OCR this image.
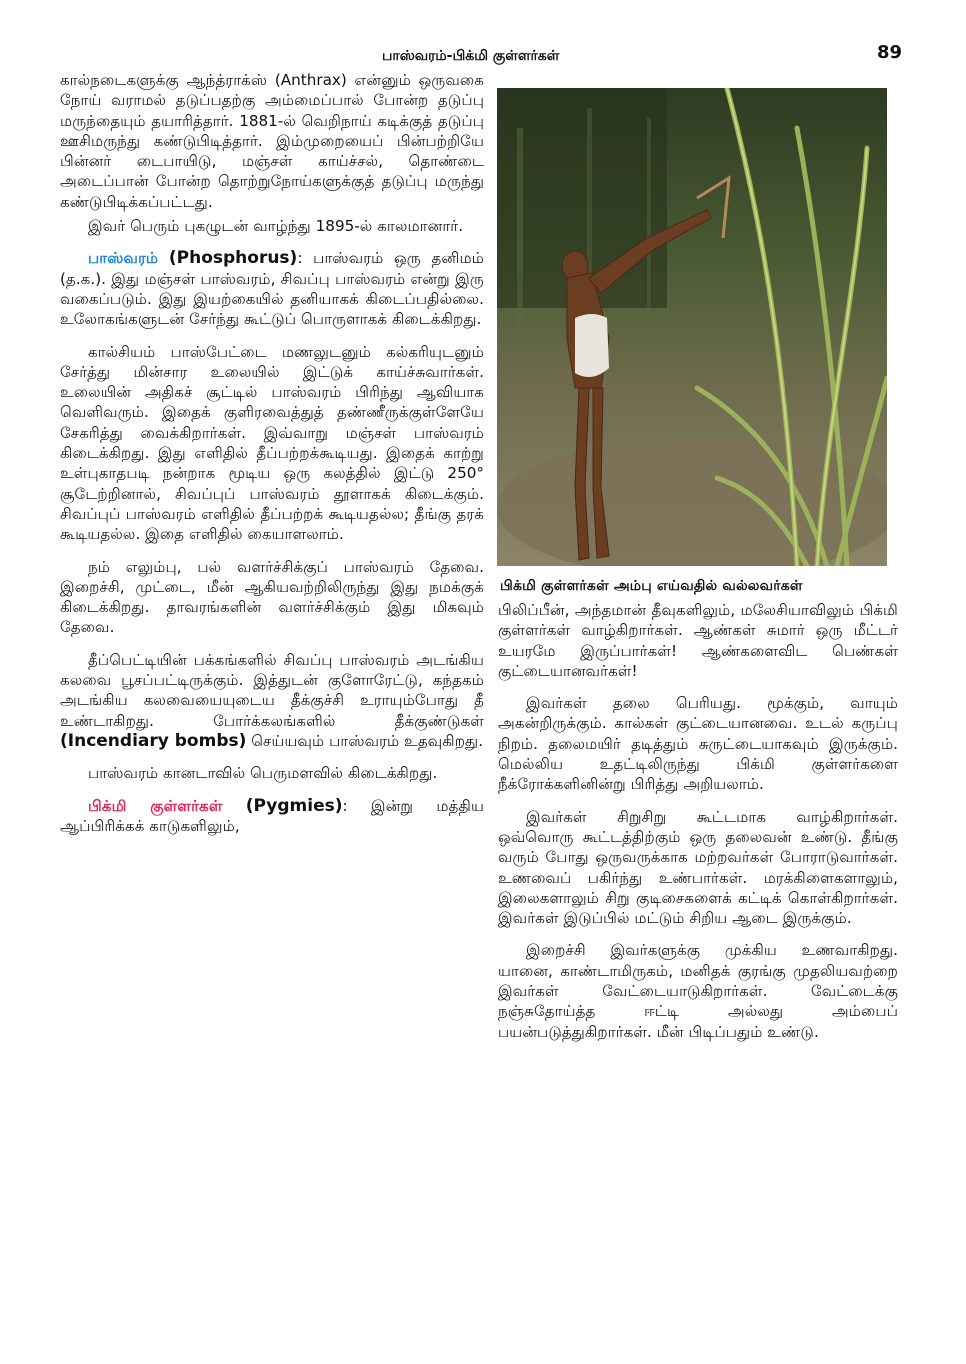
பாஸ்வரம்-பிக்மி குள்ளர்கள்	89

கால்நடைகளுக்கு ஆந்த்ராக்ஸ் (Anthrax) என்னும் ஒருவகை நோய் வராமல் தடுப்பதற்கு அம்மைப்பால் போன்ற தடுப்பு மருந்தையும் தயாரித்தார். 1881-ல் வெறிநாய் கடிக்குத் தடுப்பு ஊசிமருந்து கண்டுபிடித்தார். இம்முறையைப் பின்பற்றியே பின்னர் டைபாயிடு, மஞ்சள் காய்ச்சல், தொண்டை அடைப்பான் போன்ற தொற்றுநோய்களுக்குத் தடுப்பு மருந்து கண்டுபிடிக்கப்பட்டது.

இவர் பெரும் புகழுடன் வாழ்ந்து 1895-ல் காலமானார்.

பாஸ்வரம் (Phosphorus): பாஸ்வரம் ஒரு தனிமம் (த.க.). இது மஞ்சள் பாஸ்வரம், சிவப்பு பாஸ்வரம் என்று இரு வகைப்படும். இது இயற்கையில் தனியாகக் கிடைப்பதில்லை. உலோகங்களுடன் சேர்ந்து கூட்டுப் பொருளாகக் கிடைக்கிறது.

கால்சியம் பாஸ்பேட்டை மணலுடனும் கல்கரியுடனும் சேர்த்து மின்சார உலையில் இட்டுக் காய்ச்சுவார்கள். உலையின் அதிகச் சூட்டில் பாஸ்வரம் பிரிந்து ஆவியாக வெளிவரும். இதைக் குளிரவைத்துத் தண்ணீருக்குள்ளேயே சேகரித்து வைக்கிறார்கள். இவ்வாறு மஞ்சள் பாஸ்வரம் கிடைக்கிறது. இது எளிதில் தீப்பற்றக்கூடியது. இதைக் காற்று உள்புகாதபடி நன்றாக மூடிய ஒரு கலத்தில் இட்டு 250° சூடேற்றினால், சிவப்புப் பாஸ்வரம் தூளாகக் கிடைக்கும். சிவப்புப் பாஸ்வரம் எளிதில் தீப்பற்றக் கூடியதல்ல; தீங்கு தரக் கூடியதல்ல. இதை எளிதில் கையாளலாம்.

நம் எலும்பு, பல் வளர்ச்சிக்குப் பாஸ்வரம் தேவை. இறைச்சி, முட்டை, மீன் ஆகியவற்றிலிருந்து இது நமக்குக் கிடைக்கிறது. தாவரங்களின் வளர்ச்சிக்கும் இது மிகவும் தேவை.

தீப்பெட்டியின் பக்கங்களில் சிவப்பு பாஸ்வரம் அடங்கிய கலவை பூசப்பட்டிருக்கும். இத்துடன் குளோரேட்டு, கந்தகம் அடங்கிய கலவையையுடைய தீக்குச்சி உராயும்போது தீ உண்டாகிறது. போர்க்கலங்களில் தீக்குண்டுகள் (Incendiary bombs) செய்யவும் பாஸ்வரம் உதவுகிறது.

பாஸ்வரம் கானடாவில் பெருமளவில் கிடைக்கிறது.

பிக்மி குள்ளர்கள் (Pygmies): இன்று மத்திய ஆப்பிரிக்கக் காடுகளிலும்,

பிக்மி குள்ளர்கள் அம்பு எய்வதில் வல்லவர்கள்

பிலிப்பீன், அந்தமான் தீவுகளிலும், மலேசியாவிலும் பிக்மி குள்ளர்கள் வாழ்கிறார்கள். ஆண்கள் சுமார் ஒரு மீட்டர் உயரமே இருப்பார்கள்! ஆண்களைவிட பெண்கள் குட்டையானவர்கள்!

இவர்கள் தலை பெரியது. மூக்கும், வாயும் அகன்றிருக்கும். கால்கள் குட்டையானவை. உடல் கருப்பு நிறம். தலைமயிர் தடித்தும் சுருட்டையாகவும் இருக்கும். மெல்லிய உதட்டிலிருந்து பிக்மி குள்ளர்களை நீக்ரோக்களினின்று பிரித்து அறியலாம்.

இவர்கள் சிறுசிறு கூட்டமாக வாழ்கிறார்கள். ஒவ்வொரு கூட்டத்திற்கும் ஒரு தலைவன் உண்டு. தீங்கு வரும் போது ஒருவருக்காக மற்றவர்கள் போராடுவார்கள். உணவைப் பகிர்ந்து உண்பார்கள். மரக்கிளைகளாலும், இலைகளாலும் சிறு குடிசைகளைக் கட்டிக் கொள்கிறார்கள். இவர்கள் இடுப்பில் மட்டும் சிறிய ஆடை இருக்கும்.

இறைச்சி இவர்களுக்கு முக்கிய உணவாகிறது. யானை, காண்டாமிருகம், மனிதக் குரங்கு முதலியவற்றை இவர்கள் வேட்டையாடுகிறார்கள். வேட்டைக்கு நஞ்சுதோய்த்த ஈட்டி அல்லது அம்பைப் பயன்படுத்துகிறார்கள். மீன் பிடிப்பதும் உண்டு.
